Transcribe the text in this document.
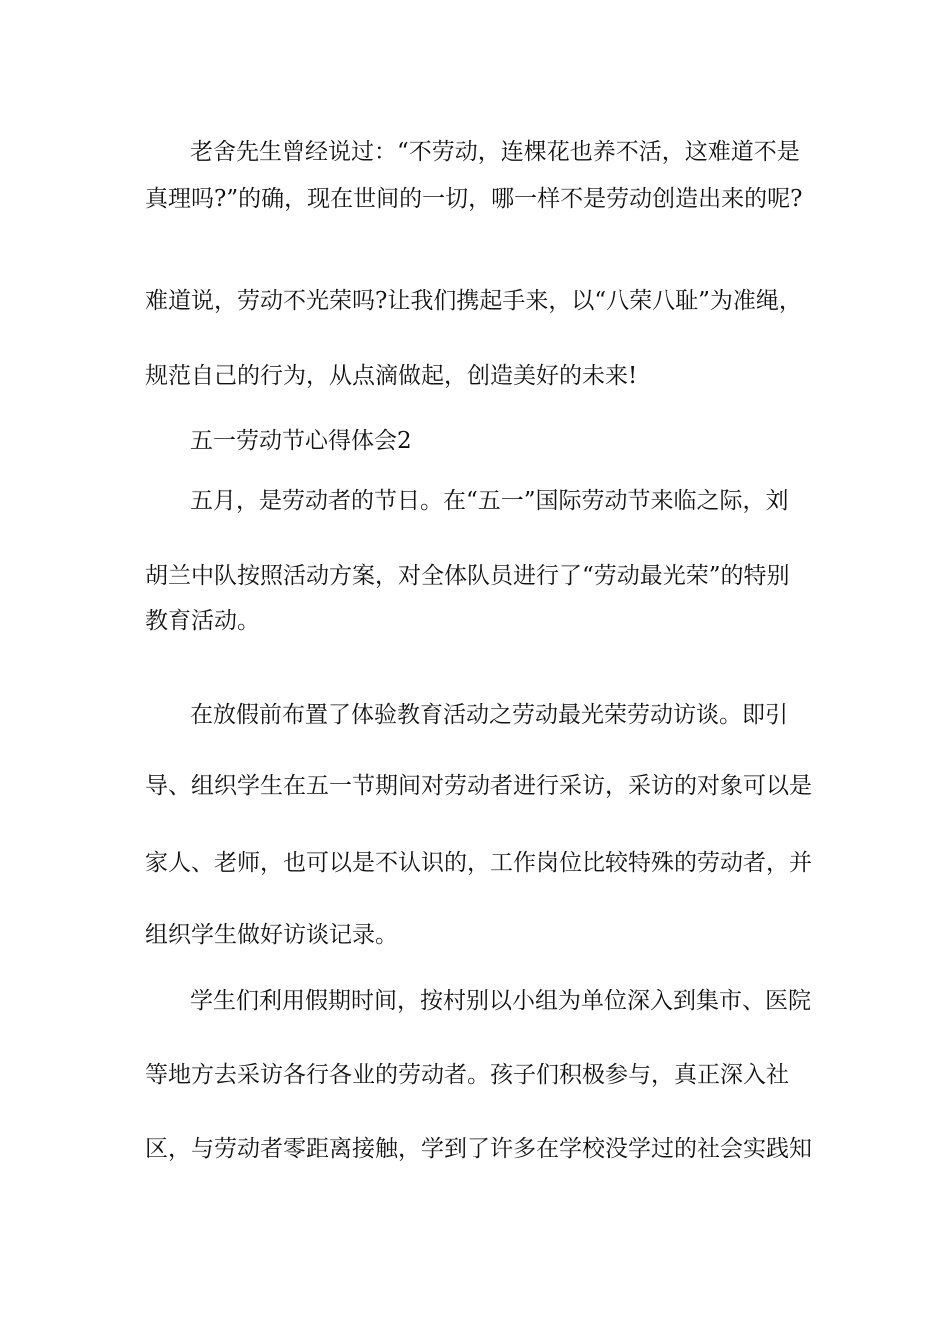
老舍先生曾经说过：“不劳动，连棵花也养不活，这难道不是
真理吗?”的确，现在世间的一切，哪一样不是劳动创造出来的呢?
难道说，劳动不光荣吗?让我们携起手来，以“八荣八耻”为准绳，
规范自己的行为，从点滴做起，创造美好的未来!
五一劳动节心得体会2
五月，是劳动者的节日。在“五一”国际劳动节来临之际，刘
胡兰中队按照活动方案，对全体队员进行了“劳动最光荣”的特别
教育活动。
在放假前布置了体验教育活动之劳动最光荣劳动访谈。即引
导、组织学生在五一节期间对劳动者进行采访，采访的对象可以是
家人、老师，也可以是不认识的，工作岗位比较特殊的劳动者，并
组织学生做好访谈记录。
学生们利用假期时间，按村别以小组为单位深入到集市、医院
等地方去采访各行各业的劳动者。孩子们积极参与，真正深入社
区，与劳动者零距离接触，学到了许多在学校没学过的社会实践知
